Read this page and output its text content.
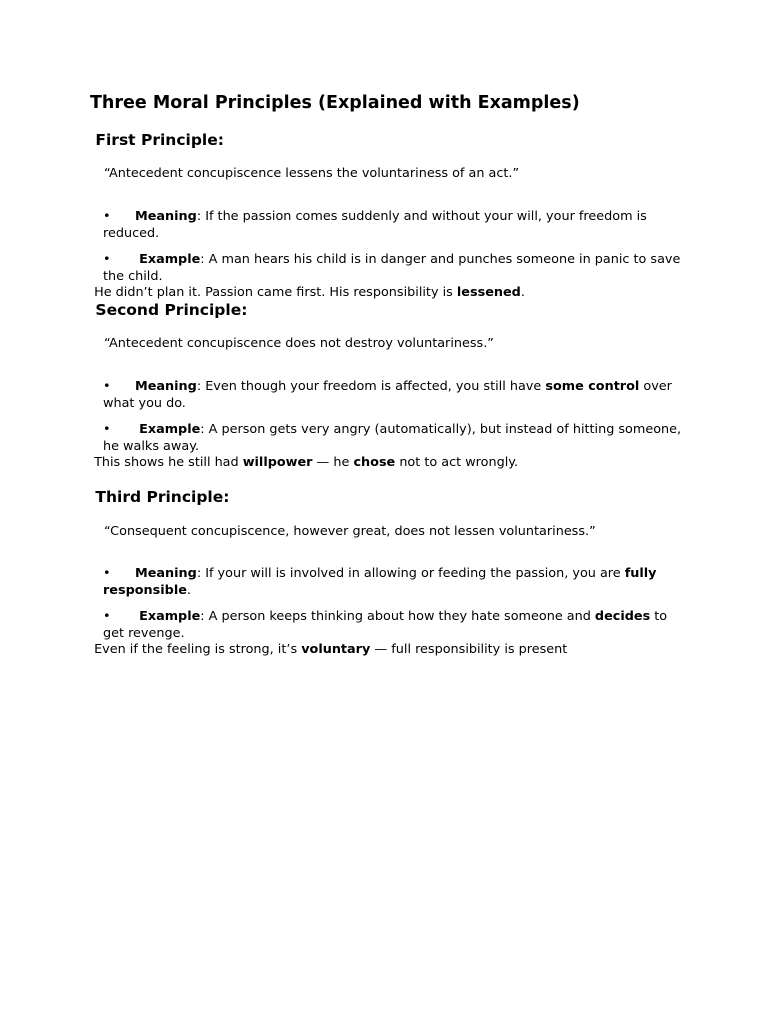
Three Moral Principles (Explained with Examples)
First Principle:
“Antecedent concupiscence lessens the voluntariness of an act.”
•	Meaning: If the passion comes suddenly and without your will, your freedom is reduced.
•	Example: A man hears his child is in danger and punches someone in panic to save the child.
He didn’t plan it. Passion came first. His responsibility is lessened.
Second Principle:
“Antecedent concupiscence does not destroy voluntariness.”
•	Meaning: Even though your freedom is affected, you still have some control over what you do.
•	Example: A person gets very angry (automatically), but instead of hitting someone, he walks away.
This shows he still had willpower — he chose not to act wrongly.
Third Principle:
“Consequent concupiscence, however great, does not lessen voluntariness.”
•	Meaning: If your will is involved in allowing or feeding the passion, you are fully responsible.
•	Example: A person keeps thinking about how they hate someone and decides to get revenge.
Even if the feeling is strong, it’s voluntary — full responsibility is present
